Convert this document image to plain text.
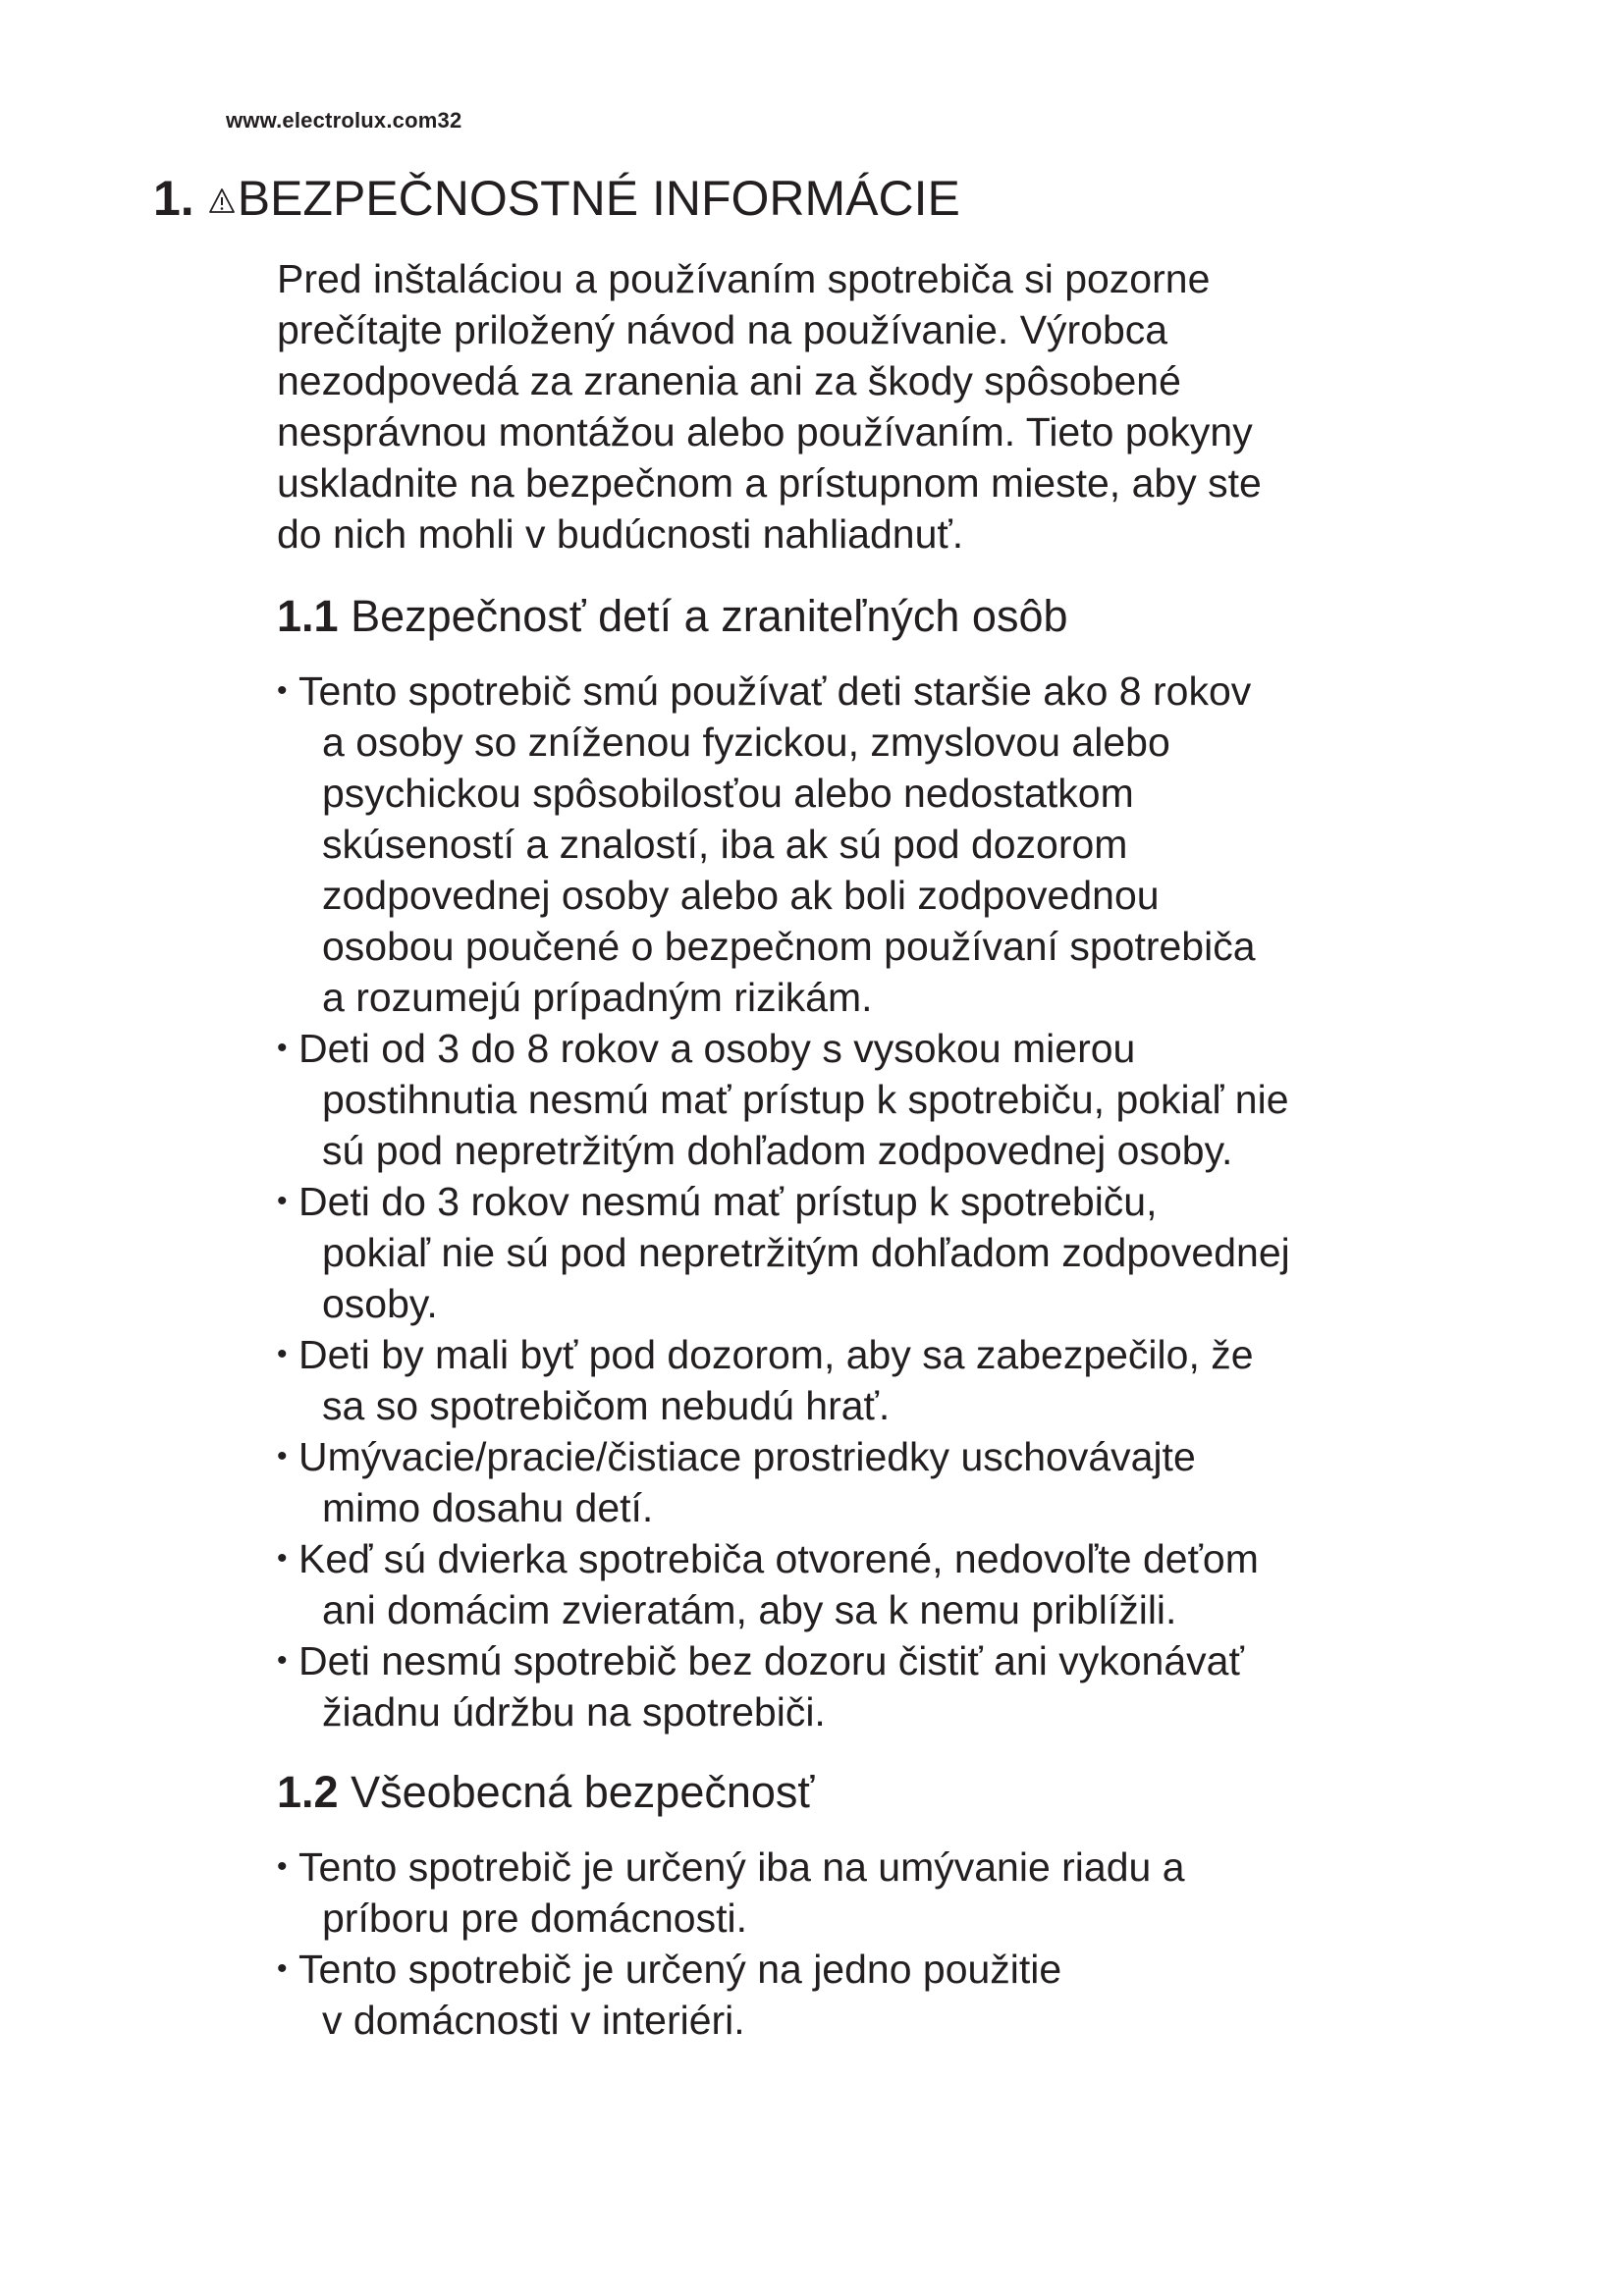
www.electrolux.com32
1. BEZPEČNOSTNÉ INFORMÁCIE

Pred inštaláciou a používaním spotrebiča si pozorne
prečítajte priložený návod na používanie. Výrobca
nezodpovedá za zranenia ani za škody spôsobené
nesprávnou montážou alebo používaním. Tieto pokyny
uskladnite na bezpečnom a prístupnom mieste, aby ste
do nich mohli v budúcnosti nahliadnuť.

1.1 Bezpečnosť detí a zraniteľných osôb
• Tento spotrebič smú používať deti staršie ako 8 rokov
a osoby so zníženou fyzickou, zmyslovou alebo
psychickou spôsobilosťou alebo nedostatkom
skúseností a znalostí, iba ak sú pod dozorom
zodpovednej osoby alebo ak boli zodpovednou
osobou poučené o bezpečnom používaní spotrebiča
a rozumejú prípadným rizikám.
• Deti od 3 do 8 rokov a osoby s vysokou mierou
postihnutia nesmú mať prístup k spotrebiču, pokiaľ nie
sú pod nepretržitým dohľadom zodpovednej osoby.
• Deti do 3 rokov nesmú mať prístup k spotrebiču,
pokiaľ nie sú pod nepretržitým dohľadom zodpovednej
osoby.
• Deti by mali byť pod dozorom, aby sa zabezpečilo, že
sa so spotrebičom nebudú hrať.
• Umývacie/pracie/čistiace prostriedky uschovávajte
mimo dosahu detí.
• Keď sú dvierka spotrebiča otvorené, nedovoľte deťom
ani domácim zvieratám, aby sa k nemu priblížili.
• Deti nesmú spotrebič bez dozoru čistiť ani vykonávať
žiadnu údržbu na spotrebiči.
1.2 Všeobecná bezpečnosť
• Tento spotrebič je určený iba na umývanie riadu a
príboru pre domácnosti.
• Tento spotrebič je určený na jedno použitie
v domácnosti v interiéri.
